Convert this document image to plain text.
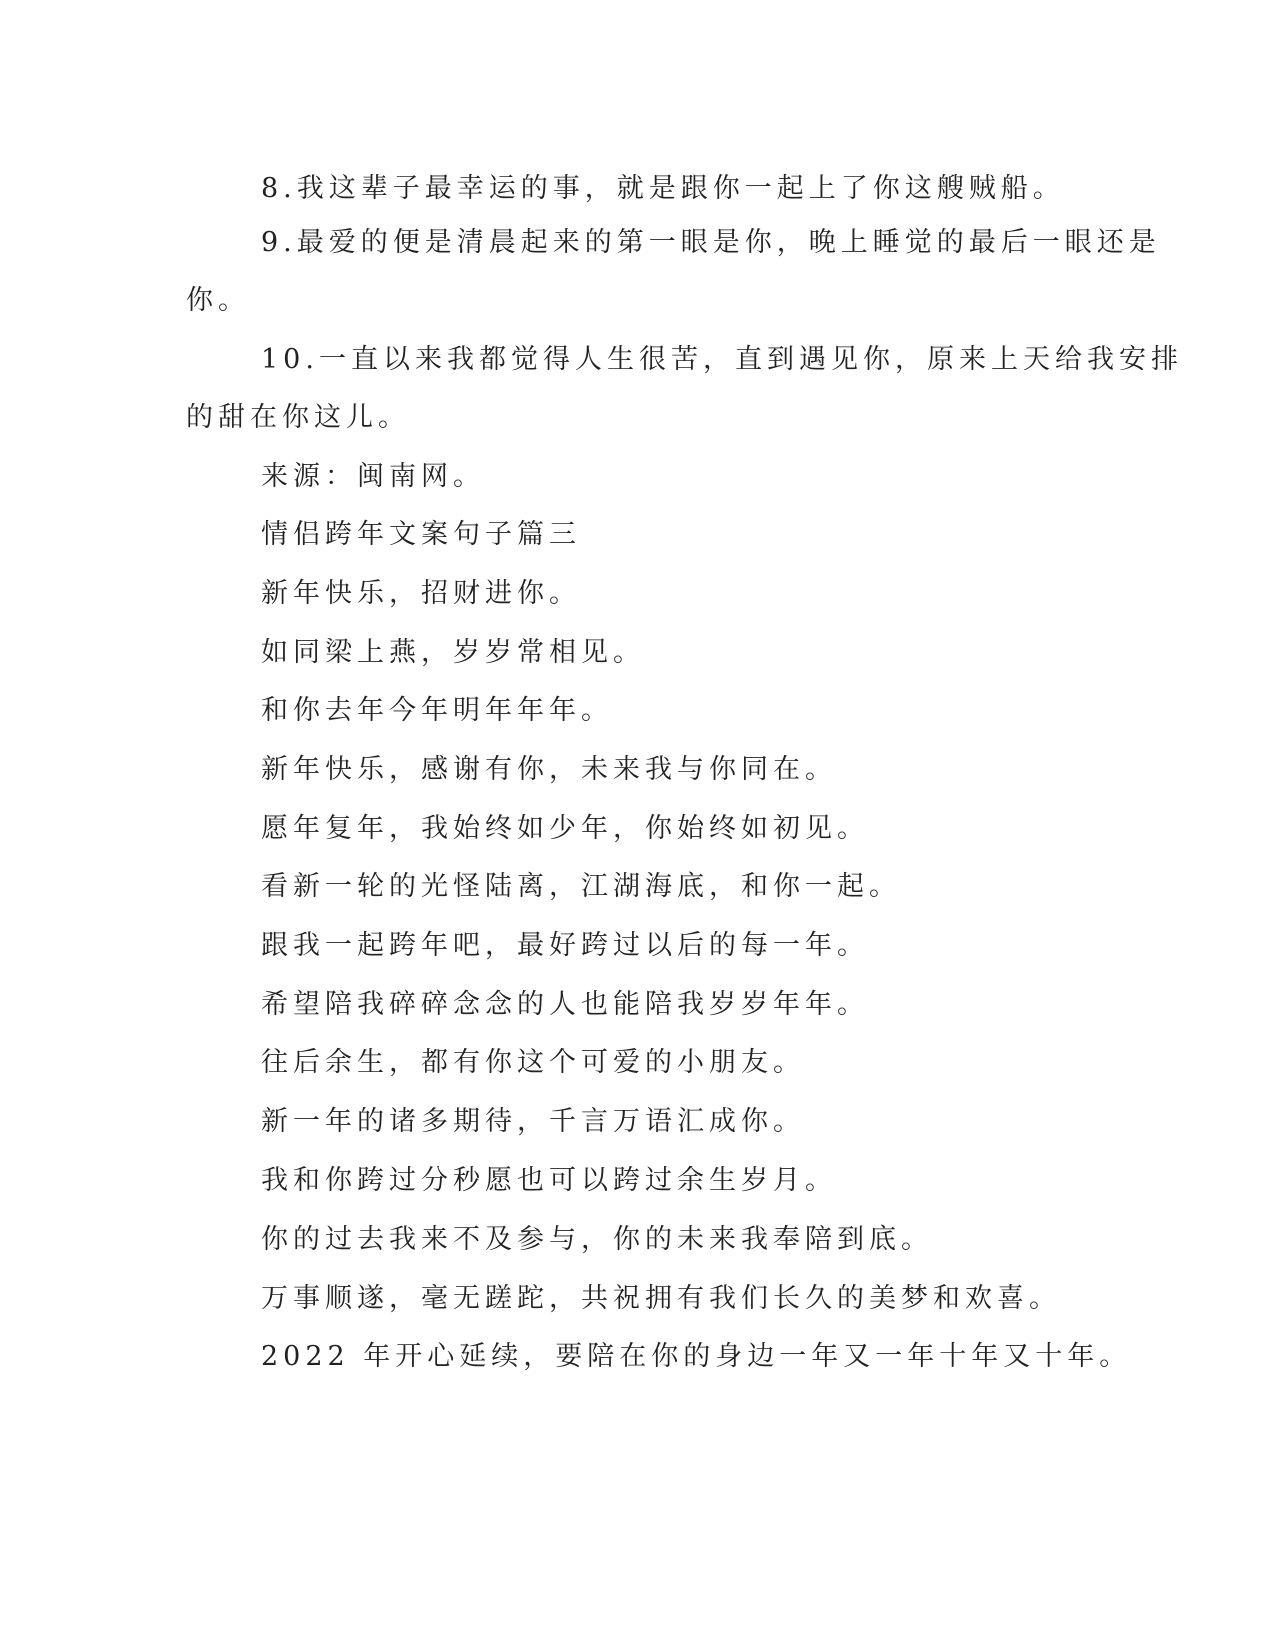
8.我这辈子最幸运的事，就是跟你一起上了你这艘贼船。
9.最爱的便是清晨起来的第一眼是你，晚上睡觉的最后一眼还是
你。
10.一直以来我都觉得人生很苦，直到遇见你，原来上天给我安排
的甜在你这儿。
来源：闽南网。
情侣跨年文案句子篇三
新年快乐，招财进你。
如同梁上燕，岁岁常相见。
和你去年今年明年年年。
新年快乐，感谢有你，未来我与你同在。
愿年复年，我始终如少年，你始终如初见。
看新一轮的光怪陆离，江湖海底，和你一起。
跟我一起跨年吧，最好跨过以后的每一年。
希望陪我碎碎念念的人也能陪我岁岁年年。
往后余生，都有你这个可爱的小朋友。
新一年的诸多期待，千言万语汇成你。
我和你跨过分秒愿也可以跨过余生岁月。
你的过去我来不及参与，你的未来我奉陪到底。
万事顺遂，毫无蹉跎，共祝拥有我们长久的美梦和欢喜。
2022 年开心延续，要陪在你的身边一年又一年十年又十年。
